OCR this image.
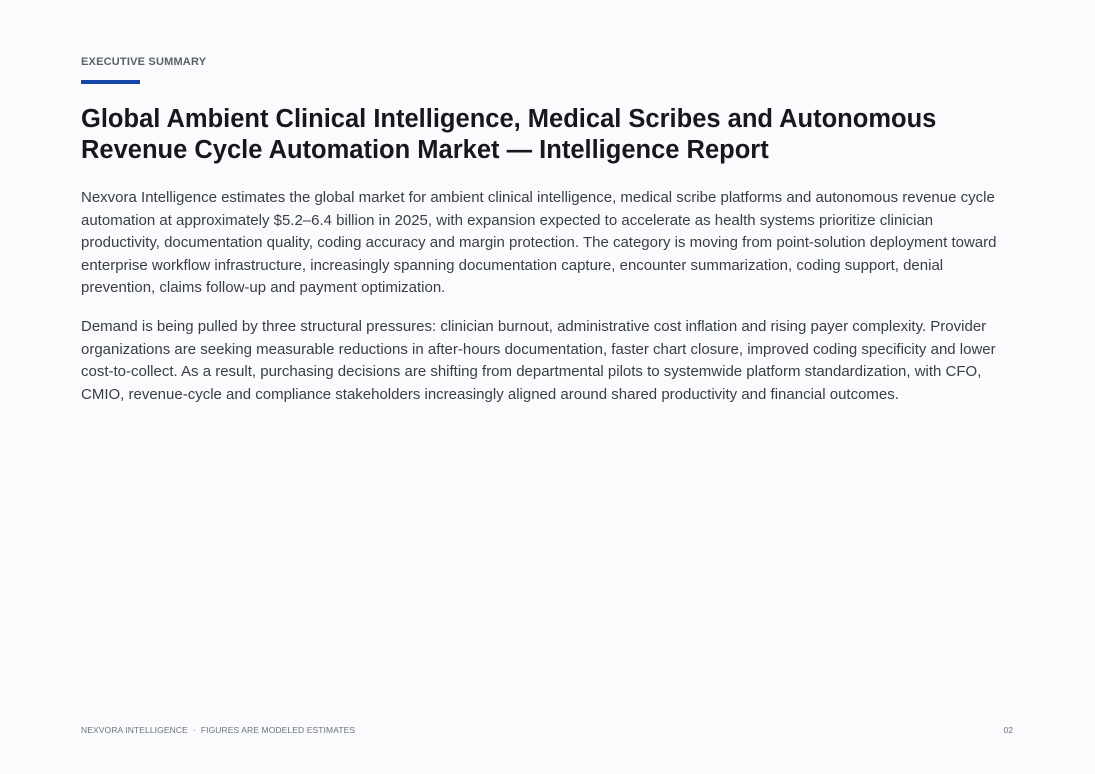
EXECUTIVE SUMMARY
Global Ambient Clinical Intelligence, Medical Scribes and Autonomous Revenue Cycle Automation Market — Intelligence Report

Nexvora Intelligence estimates the global market for ambient clinical intelligence, medical scribe platforms and autonomous revenue cycle automation at approximately $5.2–6.4 billion in 2025, with expansion expected to accelerate as health systems prioritize clinician productivity, documentation quality, coding accuracy and margin protection. The category is moving from point-solution deployment toward enterprise workflow infrastructure, increasingly spanning documentation capture, encounter summarization, coding support, denial prevention, claims follow-up and payment optimization.

Demand is being pulled by three structural pressures: clinician burnout, administrative cost inflation and rising payer complexity. Provider organizations are seeking measurable reductions in after-hours documentation, faster chart closure, improved coding specificity and lower cost-to-collect. As a result, purchasing decisions are shifting from departmental pilots to systemwide platform standardization, with CFO, CMIO, revenue-cycle and compliance stakeholders increasingly aligned around shared productivity and financial outcomes.

NEXVORA INTELLIGENCE · FIGURES ARE MODELED ESTIMATES	02
